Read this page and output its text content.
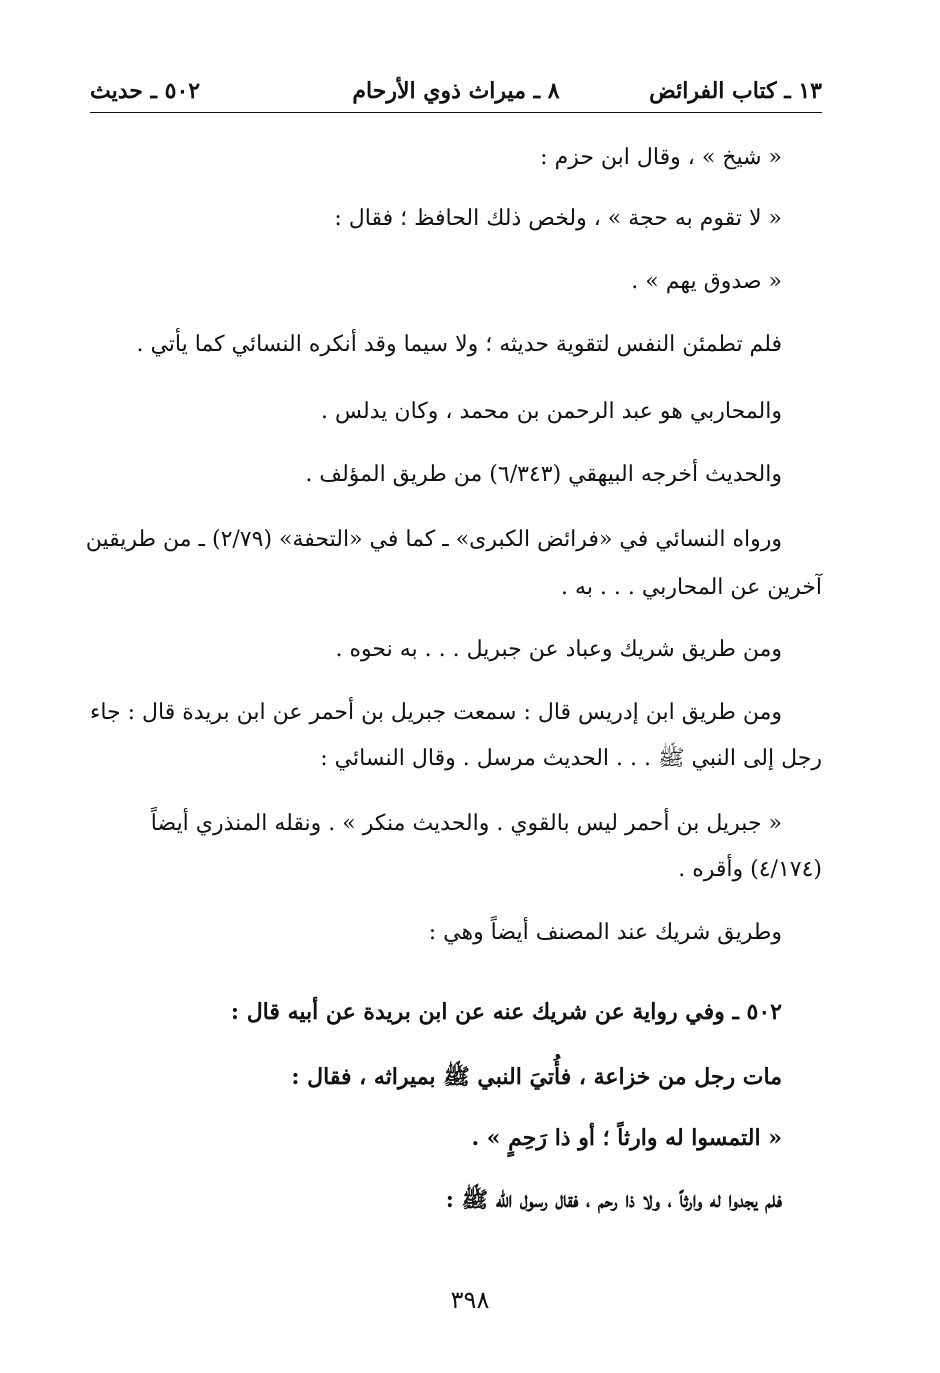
١٣ ـ كتاب الفرائض
٨ ـ ميراث ذوي الأرحام
٥٠٢ ـ حديث
« شيخ » ، وقال ابن حزم :
« لا تقوم به حجة » ، ولخص ذلك الحافظ ؛ فقال :
« صدوق يهم » .
فلم تطمئن النفس لتقوية حديثه ؛ ولا سيما وقد أنكره النسائي كما يأتي .
والمحاربي هو عبد الرحمن بن محمد ، وكان يدلس .
والحديث أخرجه البيهقي (٦/٣٤٣) من طريق المؤلف .
ورواه النسائي في «فرائض الكبرى» ـ كما في «التحفة» (٢/٧٩) ـ من طريقين
آخرين عن المحاربي . . . به .
ومن طريق شريك وعباد عن جبريل . . . به نحوه .
ومن طريق ابن إدريس قال : سمعت جبريل بن أحمر عن ابن بريدة قال : جاء
رجل إلى النبي ﷺ . . . الحديث مرسل . وقال النسائي :
« جبريل بن أحمر ليس بالقوي . والحديث منكر » . ونقله المنذري أيضاً
(٤/١٧٤) وأقره .
وطريق شريك عند المصنف أيضاً وهي :
٥٠٢ ـ وفي رواية عن شريك عنه عن ابن بريدة عن أبيه قال :
مات رجل من خزاعة ، فأُتيَ النبي ﷺ بميراثه ، فقال :
« التمسوا له وارثاً ؛ أو ذا رَحِمٍ » .
فلم يجدوا له وارثاً ، ولا ذا رحم ، فقال رسول الله ﷺ :
٣٩٨
